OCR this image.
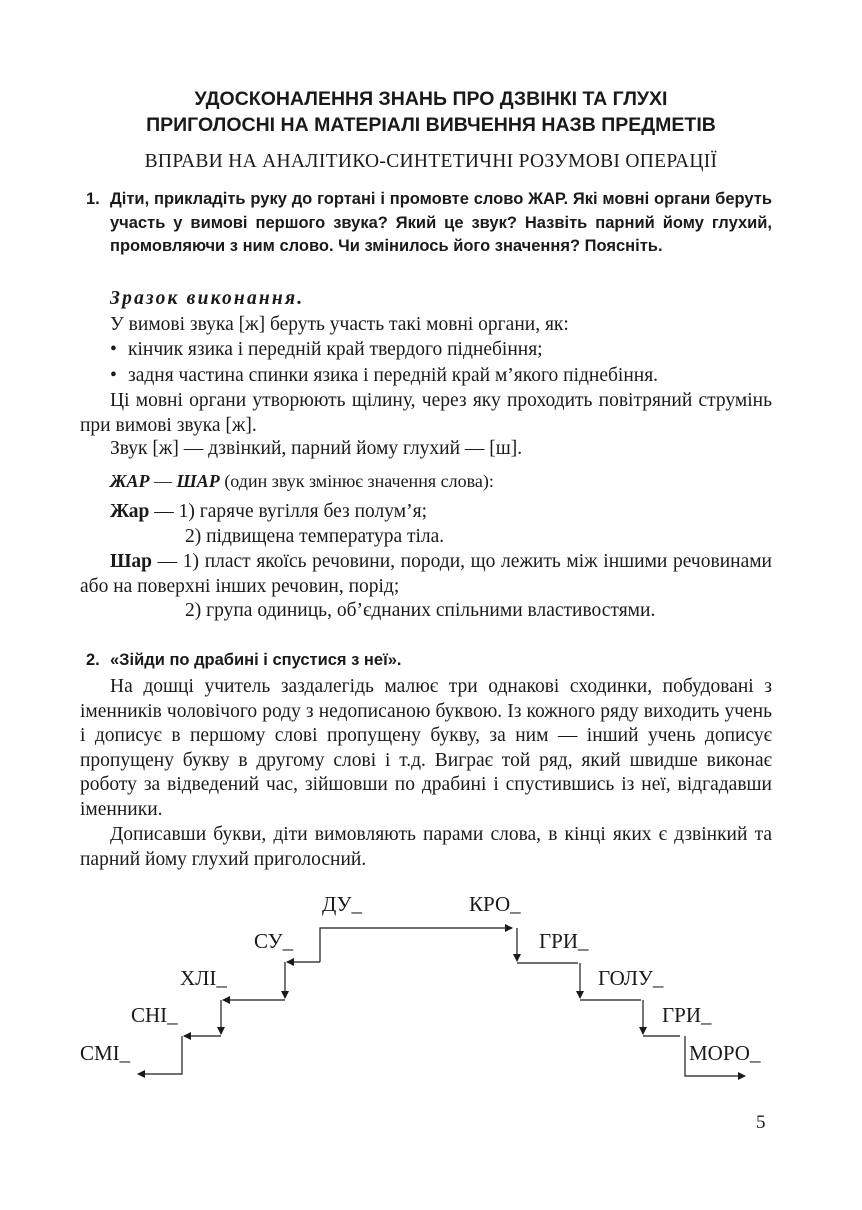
УДОСКОНАЛЕННЯ ЗНАНЬ ПРО ДЗВІНКІ ТА ГЛУХІ
ПРИГОЛОСНІ НА МАТЕРІАЛІ ВИВЧЕННЯ НАЗВ ПРЕДМЕТІВ
ВПРАВИ НА АНАЛІТИКО-СИНТЕТИЧНІ РОЗУМОВІ ОПЕРАЦІЇ
1. Діти, прикладіть руку до гортані і промовте слово ЖАР. Які мовні органи беруть участь у вимові першого звука? Який це звук? Назвіть парний йому глухий, промовляючи з ним слово. Чи змінилось його значення? Поясніть.
Зразок виконання.
У вимові звука [ж] беруть участь такі мовні органи, як:
• кінчик язика і передній край твердого піднебіння;
• задня частина спинки язика і передній край м’якого піднебіння.
Ці мовні органи утворюють щілину, через яку проходить повітряний струмінь при вимові звука [ж].
Звук [ж] — дзвінкий, парний йому глухий — [ш].
ЖАР — ШАР (один звук змінює значення слова):
Жар — 1) гаряче вугілля без полум’я;
2) підвищена температура тіла.
Шар — 1) пласт якоїсь речовини, породи, що лежить між іншими речовинами або на поверхні інших речовин, порід;
2) група одиниць, об’єднаних спільними властивостями.
2. «Зійди по драбині і спустися з неї».
На дошці учитель заздалегідь малює три однакові сходинки, побудовані з іменників чоловічого роду з недописаною буквою. Із кожного ряду виходить учень і дописує в першому слові пропущену букву, за ним — інший учень дописує пропущену букву в другому слові і т.д. Виграє той ряд, який швидше виконає роботу за відведений час, зійшовши по драбині і спустившись із неї, відгадавши іменники.
Дописавши букви, діти вимовляють парами слова, в кінці яких є дзвінкий та парний йому глухий приголосний.
СМІ_
СНІ_
ХЛІ_
СУ_
ДУ_	КРО_
ГРИ_
ГОЛУ_
ГРИ_
МОРО_
5
